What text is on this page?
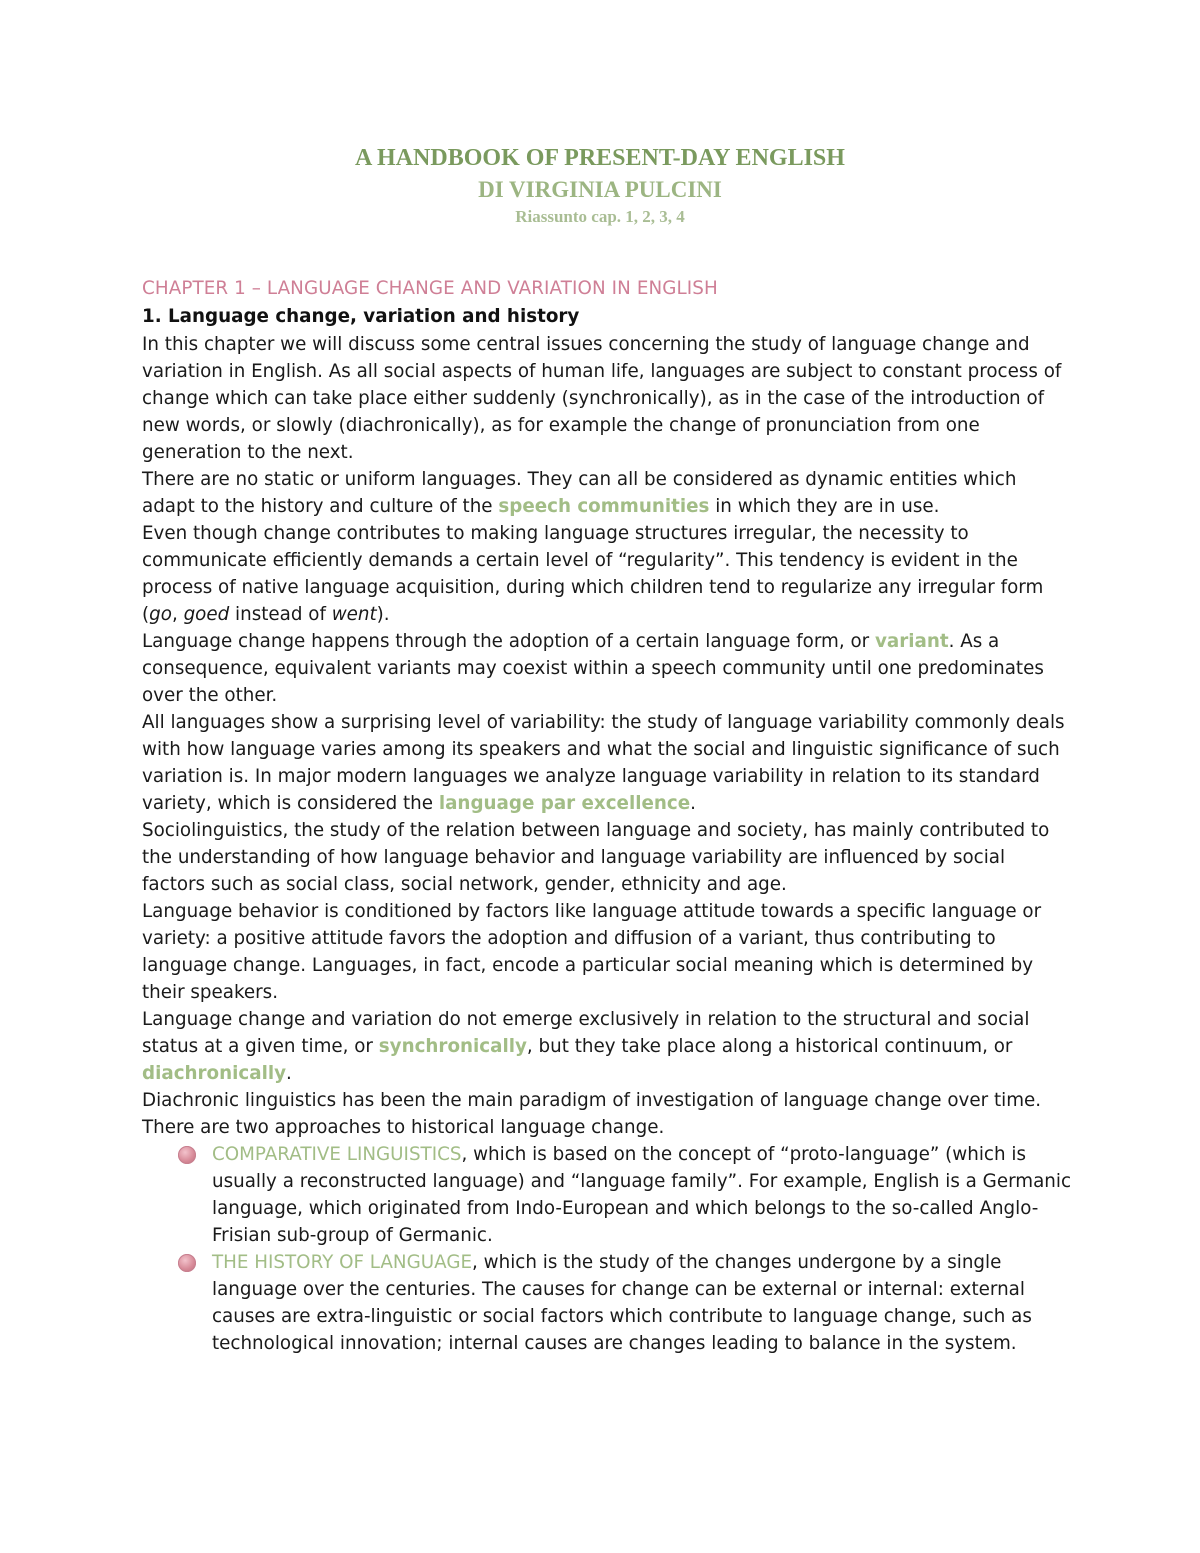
A HANDBOOK OF PRESENT-DAY ENGLISH
DI VIRGINIA PULCINI
Riassunto cap. 1, 2, 3, 4
CHAPTER 1 – LANGUAGE CHANGE AND VARIATION IN ENGLISH
1. Language change, variation and history

In this chapter we will discuss some central issues concerning the study of language change and variation in English. As all social aspects of human life, languages are subject to constant process of change which can take place either suddenly (synchronically), as in the case of the introduction of new words, or slowly (diachronically), as for example the change of pronunciation from one generation to the next.

There are no static or uniform languages. They can all be considered as dynamic entities which adapt to the history and culture of the speech communities in which they are in use.

Even though change contributes to making language structures irregular, the necessity to communicate efficiently demands a certain level of “regularity”. This tendency is evident in the process of native language acquisition, during which children tend to regularize any irregular form (go, goed instead of went).

Language change happens through the adoption of a certain language form, or variant. As a consequence, equivalent variants may coexist within a speech community until one predominates over the other.

All languages show a surprising level of variability: the study of language variability commonly deals with how language varies among its speakers and what the social and linguistic significance of such variation is. In major modern languages we analyze language variability in relation to its standard variety, which is considered the language par excellence.

Sociolinguistics, the study of the relation between language and society, has mainly contributed to the understanding of how language behavior and language variability are influenced by social factors such as social class, social network, gender, ethnicity and age.

Language behavior is conditioned by factors like language attitude towards a specific language or variety: a positive attitude favors the adoption and diffusion of a variant, thus contributing to language change. Languages, in fact, encode a particular social meaning which is determined by their speakers.

Language change and variation do not emerge exclusively in relation to the structural and social status at a given time, or synchronically, but they take place along a historical continuum, or diachronically.

Diachronic linguistics has been the main paradigm of investigation of language change over time. There are two approaches to historical language change.

COMPARATIVE LINGUISTICS, which is based on the concept of “proto-language” (which is usually a reconstructed language) and “language family”. For example, English is a Germanic language, which originated from Indo-European and which belongs to the so-called Anglo-Frisian sub-group of Germanic.
THE HISTORY OF LANGUAGE, which is the study of the changes undergone by a single language over the centuries. The causes for change can be external or internal: external causes are extra-linguistic or social factors which contribute to language change, such as technological innovation; internal causes are changes leading to balance in the system.
